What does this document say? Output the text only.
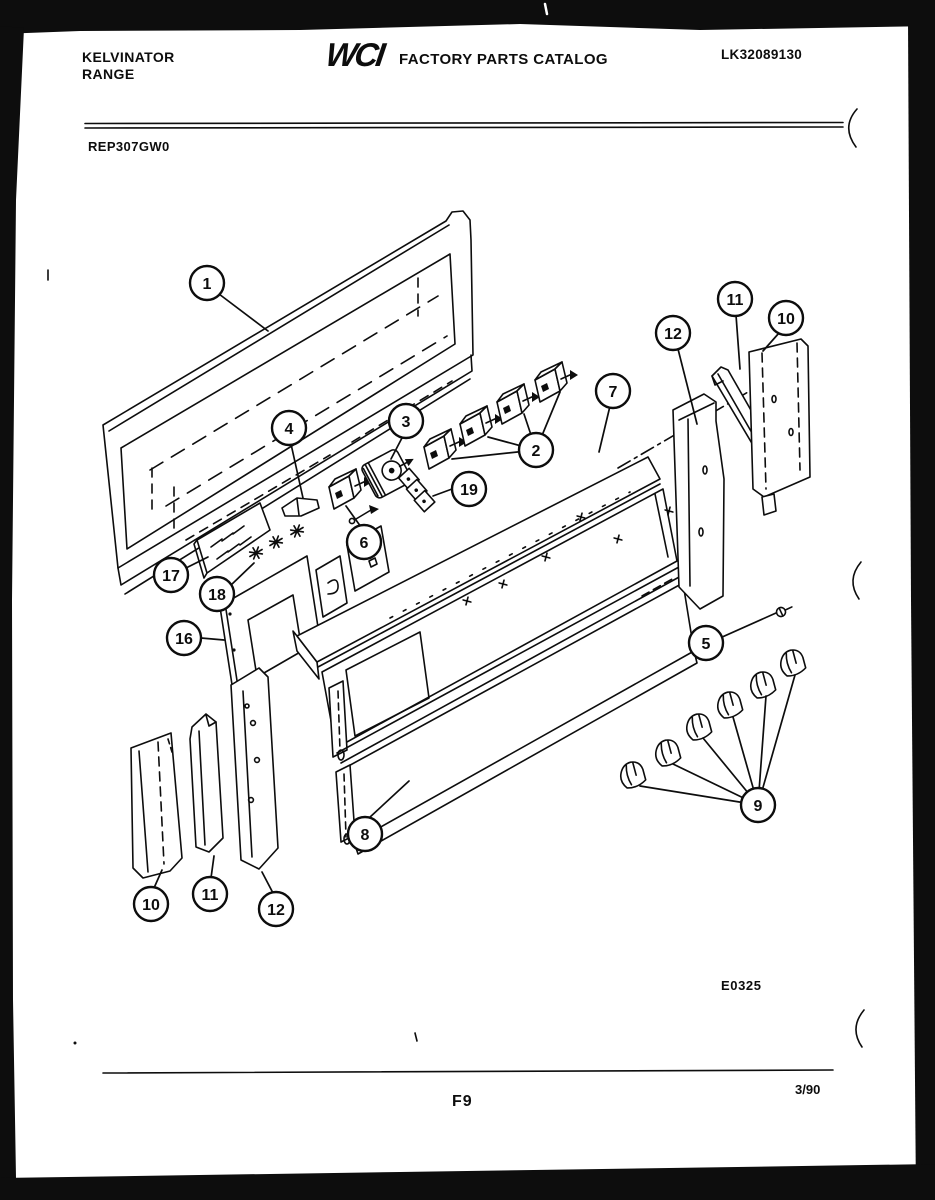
KELVINATOR
RANGE
WCI FACTORY PARTS CATALOG	LK32089130
REP307GW0
E0325
3/90
F9
1
2
3
4
5
6
7
8
9
10
11
12
10
11
12
16
17
18
19
